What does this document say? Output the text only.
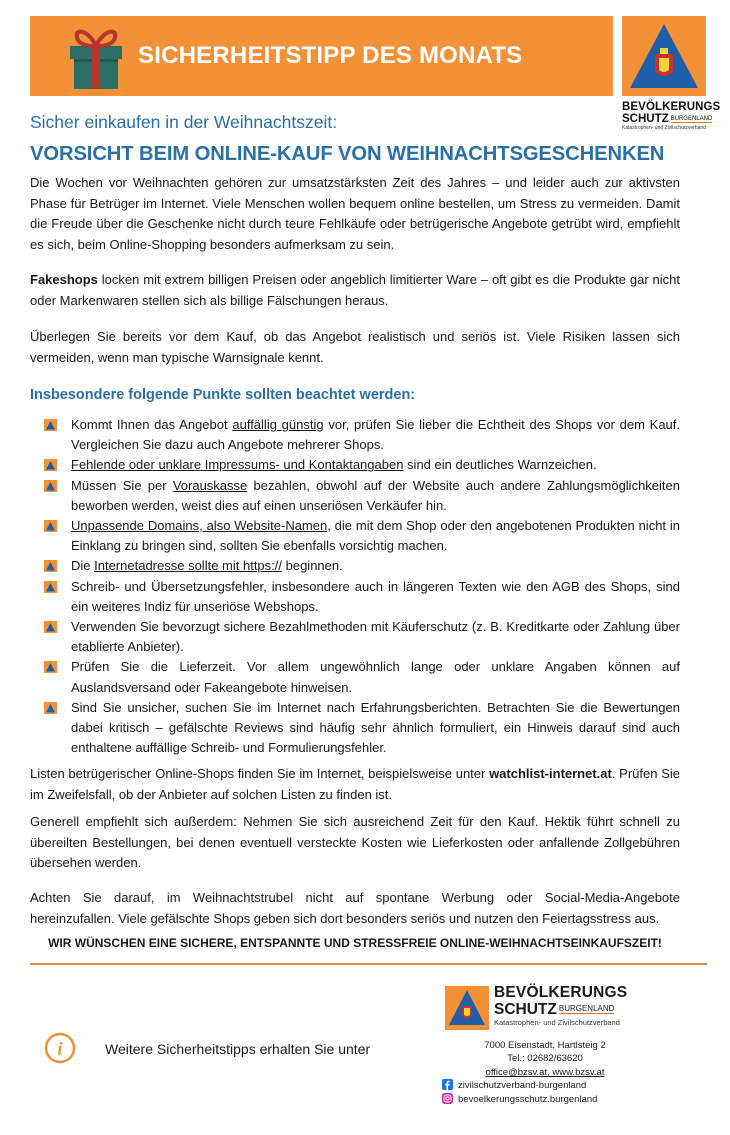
SICHERHEITSTIPP DES MONATS
BEVÖLKERUNGS
SCHUTZ BURGENLAND
Katastrophen- und Zivilschutzverband
Sicher einkaufen in der Weihnachtszeit:
VORSICHT BEIM ONLINE-KAUF VON WEIHNACHTSGESCHENKEN
Die Wochen vor Weihnachten gehören zur umsatzstärksten Zeit des Jahres – und leider auch zur aktivsten Phase für Betrüger im Internet. Viele Menschen wollen bequem online bestellen, um Stress zu vermeiden. Damit die Freude über die Geschenke nicht durch teure Fehlkäufe oder betrügerische Angebote getrübt wird, empfiehlt es sich, beim Online-Shopping besonders aufmerksam zu sein.
Fakeshops locken mit extrem billigen Preisen oder angeblich limitierter Ware – oft gibt es die Produkte gar nicht oder Markenwaren stellen sich als billige Fälschungen heraus.
Überlegen Sie bereits vor dem Kauf, ob das Angebot realistisch und seriös ist. Viele Risiken lassen sich vermeiden, wenn man typische Warnsignale kennt.
Insbesondere folgende Punkte sollten beachtet werden:
Kommt Ihnen das Angebot auffällig günstig vor, prüfen Sie lieber die Echtheit des Shops vor dem Kauf. Vergleichen Sie dazu auch Angebote mehrerer Shops.
Fehlende oder unklare Impressums- und Kontaktangaben sind ein deutliches Warnzeichen.
Müssen Sie per Vorauskasse bezahlen, obwohl auf der Website auch andere Zahlungsmöglichkeiten beworben werden, weist dies auf einen unseriösen Verkäufer hin.
Unpassende Domains, also Website-Namen, die mit dem Shop oder den angebotenen Produkten nicht in Einklang zu bringen sind, sollten Sie ebenfalls vorsichtig machen.
Die Internetadresse sollte mit https:// beginnen.
Schreib- und Übersetzungsfehler, insbesondere auch in längeren Texten wie den AGB des Shops, sind ein weiteres Indiz für unseriöse Webshops.
Verwenden Sie bevorzugt sichere Bezahlmethoden mit Käuferschutz (z. B. Kreditkarte oder Zahlung über etablierte Anbieter).
Prüfen Sie die Lieferzeit. Vor allem ungewöhnlich lange oder unklare Angaben können auf Auslandsversand oder Fakeangebote hinweisen.
Sind Sie unsicher, suchen Sie im Internet nach Erfahrungsberichten. Betrachten Sie die Bewertungen dabei kritisch – gefälschte Reviews sind häufig sehr ähnlich formuliert, ein Hinweis darauf sind auch enthaltene auffällige Schreib- und Formulierungsfehler.
Listen betrügerischer Online-Shops finden Sie im Internet, beispielsweise unter watchlist-internet.at. Prüfen Sie im Zweifelsfall, ob der Anbieter auf solchen Listen zu finden ist.
Generell empfiehlt sich außerdem: Nehmen Sie sich ausreichend Zeit für den Kauf. Hektik führt schnell zu übereilten Bestellungen, bei denen eventuell versteckte Kosten wie Lieferkosten oder anfallende Zollgebühren übersehen werden.
Achten Sie darauf, im Weihnachtstrubel nicht auf spontane Werbung oder Social-Media-Angebote hereinzufallen. Viele gefälschte Shops geben sich dort besonders seriös und nutzen den Feiertagsstress aus.
WIR WÜNSCHEN EINE SICHERE, ENTSPANNTE UND STRESSFREIE ONLINE-WEIHNACHTSEINKAUFSZEIT!
i	Weitere Sicherheitstipps erhalten Sie unter
BEVÖLKERUNGS
SCHUTZ BURGENLAND
Katastrophen- und Zivilschutzverband
7000 Eisenstadt, Hartlsteig 2
Tel.: 02682/63620
office@bzsv.at, www.bzsv.at
zivilschutzverband-burgenland
bevoelkerungsschutz.burgenland
